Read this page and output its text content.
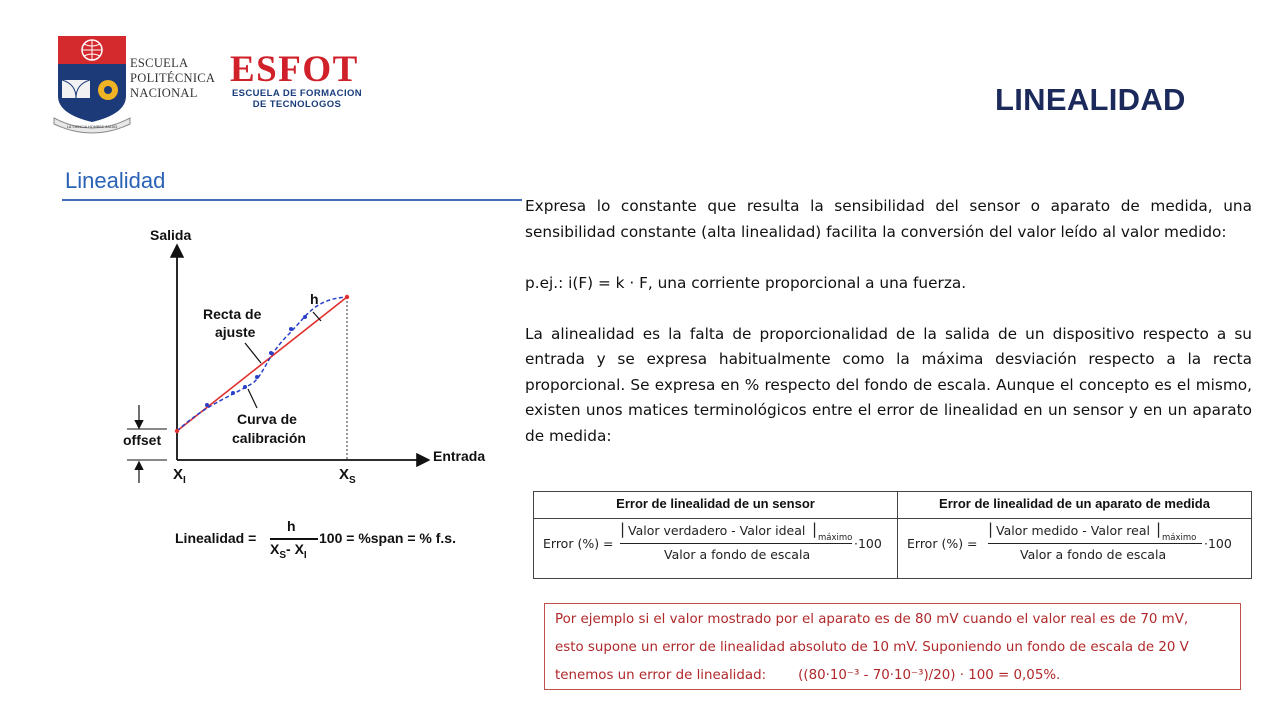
LA CIENCIA HOMBRE SALUD
ESCUELA
POLITÉCNICA
NACIONAL
ESFOT
ESCUELA DE FORMACION
DE TECNOLOGOS	LINEALIDAD
Linealidad
Salida
Entrada
Recta de
ajuste
Curva de
calibración
h
offset
$X_I$	$X_S$
Linealidad =
h
$X_S-$ $X_I$
100 = %span = % f.s.

Expresa lo constante que resulta la sensibilidad del sensor o aparato de medida, una sensibilidad constante (alta linealidad) facilita la conversión del valor leído al valor medido:

p.ej.: i(F) = k · F, una corriente proporcional a una fuerza.

La alinealidad es la falta de proporcionalidad de la salida de un dispositivo respecto a su entrada y se expresa habitualmente como la máxima desviación respecto a la recta proporcional. Se expresa en % respecto del fondo de escala. Aunque el concepto es el mismo, existen unos matices terminológicos entre el error de linealidad en un sensor y en un aparato de medida:

Error de linealidad de un sensor
Error (%) =
| Valor verdadero - Valor ideal | máximo
Valor a fondo de escala
·100
Error de linealidad de un aparato de medida
Error (%) =
| Valor medido - Valor real | máximo
Valor a fondo de escala
·100
Por ejemplo si el valor mostrado por el aparato es de 80 mV cuando el valor real es de 70 mV,
esto supone un error de linealidad absoluto de 10 mV. Suponiendo un fondo de escala de 20 V
tenemos un error de linealidad: ((80·10⁻³ - 70·10⁻³)/20) · 100 = 0,05%.
